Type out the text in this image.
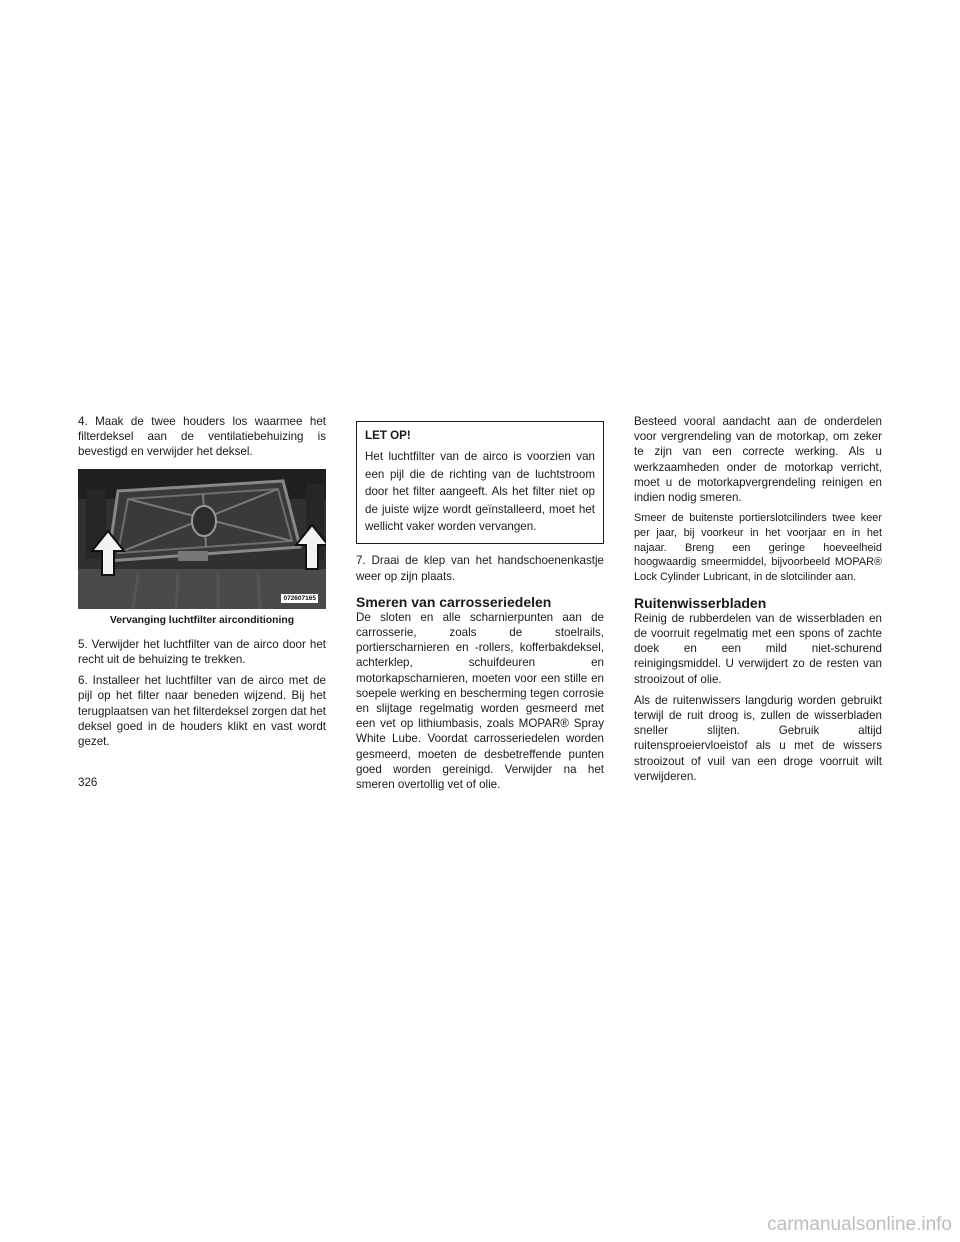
4. Maak de twee houders los waarmee het filterdeksel aan de ventilatiebehuizing is bevestigd en verwijder het deksel.

072607165
Vervanging luchtfilter airconditioning

5. Verwijder het luchtfilter van de airco door het recht uit de behuizing te trekken.

6. Installeer het luchtfilter van de airco met de pijl op het filter naar beneden wijzend. Bij het terugplaatsen van het filterdeksel zorgen dat het deksel goed in de houders klikt en vast wordt gezet.

LET OP!
Het luchtfilter van de airco is voorzien van een pijl die de richting van de luchtstroom door het filter aangeeft. Als het filter niet op de juiste wijze wordt geïnstalleerd, moet het wellicht vaker worden vervangen.

7. Draai de klep van het handschoenenkastje weer op zijn plaats.

Smeren van carrosseriedelen

De sloten en alle scharnierpunten aan de carrosserie, zoals de stoelrails, portierscharnieren en -rollers, kofferbakdeksel, achterklep, schuifdeuren en motorkapscharnieren, moeten voor een stille en soepele werking en bescherming tegen corrosie en slijtage regelmatig worden gesmeerd met een vet op lithiumbasis, zoals MOPAR® Spray White Lube. Voordat carrosseriedelen worden gesmeerd, moeten de desbetreffende punten goed worden gereinigd. Verwijder na het smeren overtollig vet of olie.

Besteed vooral aandacht aan de onderdelen voor vergrendeling van de motorkap, om zeker te zijn van een correcte werking. Als u werkzaamheden onder de motorkap verricht, moet u de motorkapvergrendeling reinigen en indien nodig smeren.

Smeer de buitenste portierslotcilinders twee keer per jaar, bij voorkeur in het voorjaar en in het najaar. Breng een geringe hoeveelheid hoogwaardig smeermiddel, bijvoorbeeld MOPAR® Lock Cylinder Lubricant, in de slotcilinder aan.

Ruitenwisserbladen

Reinig de rubberdelen van de wisserbladen en de voorruit regelmatig met een spons of zachte doek en een mild niet-schurend reinigingsmiddel. U verwijdert zo de resten van strooizout of olie.

Als de ruitenwissers langdurig worden gebruikt terwijl de ruit droog is, zullen de wisserbladen sneller slijten. Gebruik altijd ruitensproeiervloeistof als u met de wissers strooizout of vuil van een droge voorruit wilt verwijderen.

326
carmanualsonline.info
